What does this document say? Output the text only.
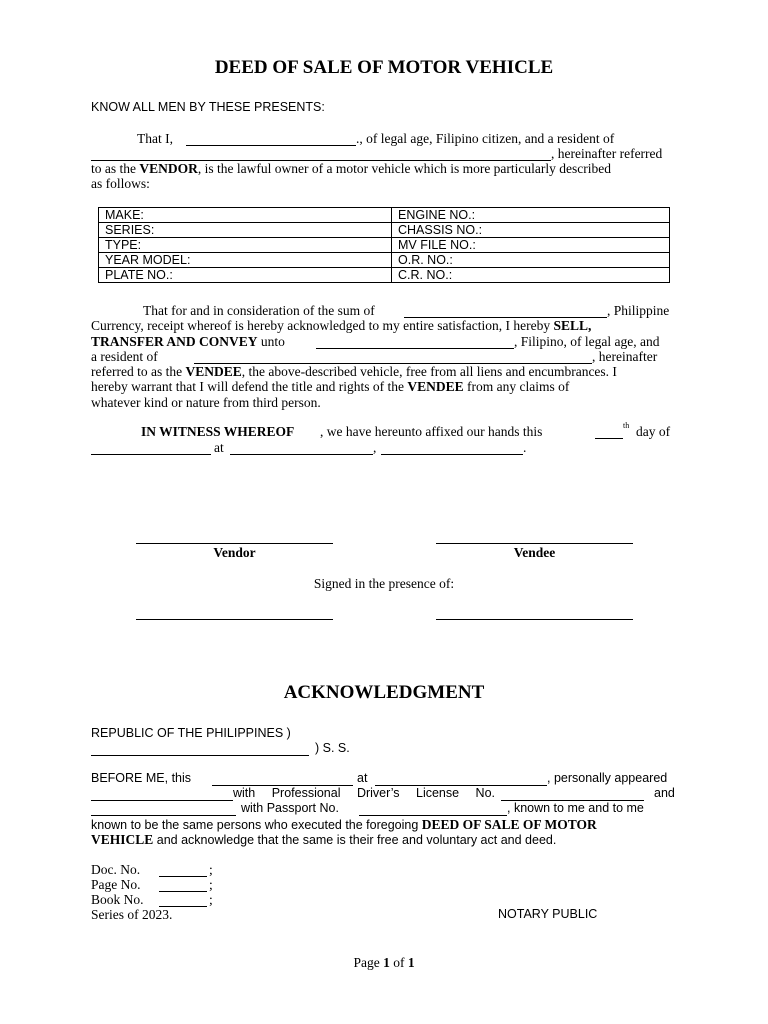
DEED OF SALE OF MOTOR VEHICLE
KNOW ALL MEN BY THESE PRESENTS:
That I,	., of legal age, Filipino citizen, and a resident of
, hereinafter referred
to as the VENDOR, is the lawful owner of a motor vehicle which is more particularly described
as follows:
MAKE:	ENGINE NO.:
SERIES:	CHASSIS NO.:
TYPE:	MV FILE NO.:
YEAR MODEL:	O.R. NO.:
PLATE NO.:	C.R. NO.:
That for and in consideration of the sum of	, Philippine
Currency, receipt whereof is hereby acknowledged to my entire satisfaction, I hereby SELL,
TRANSFER AND CONVEY unto	, Filipino, of legal age, and
a resident of	, hereinafter
referred to as the VENDEE, the above-described vehicle, free from all liens and encumbrances. I
hereby warrant that I will defend the title and rights of the VENDEE from any claims of
whatever kind or nature from third person.
IN WITNESS WHEREOF , we have hereunto affixed our hands this	th day of
at	,	.
Vendor	Vendee
Signed in the presence of:
ACKNOWLEDGMENT
REPUBLIC OF THE PHILIPPINES )
) S. S.
BEFORE ME, this	at	, personally appeared
with Professional Driver’s License No.	and
with Passport No.	, known to me and to me
known to be the same persons who executed the foregoing DEED OF SALE OF MOTOR
VEHICLE and acknowledge that the same is their free and voluntary act and deed.
Doc. No.	;
Page No.	;
Book No.	;
Series of 2023.	NOTARY PUBLIC
Page 1 of 1
